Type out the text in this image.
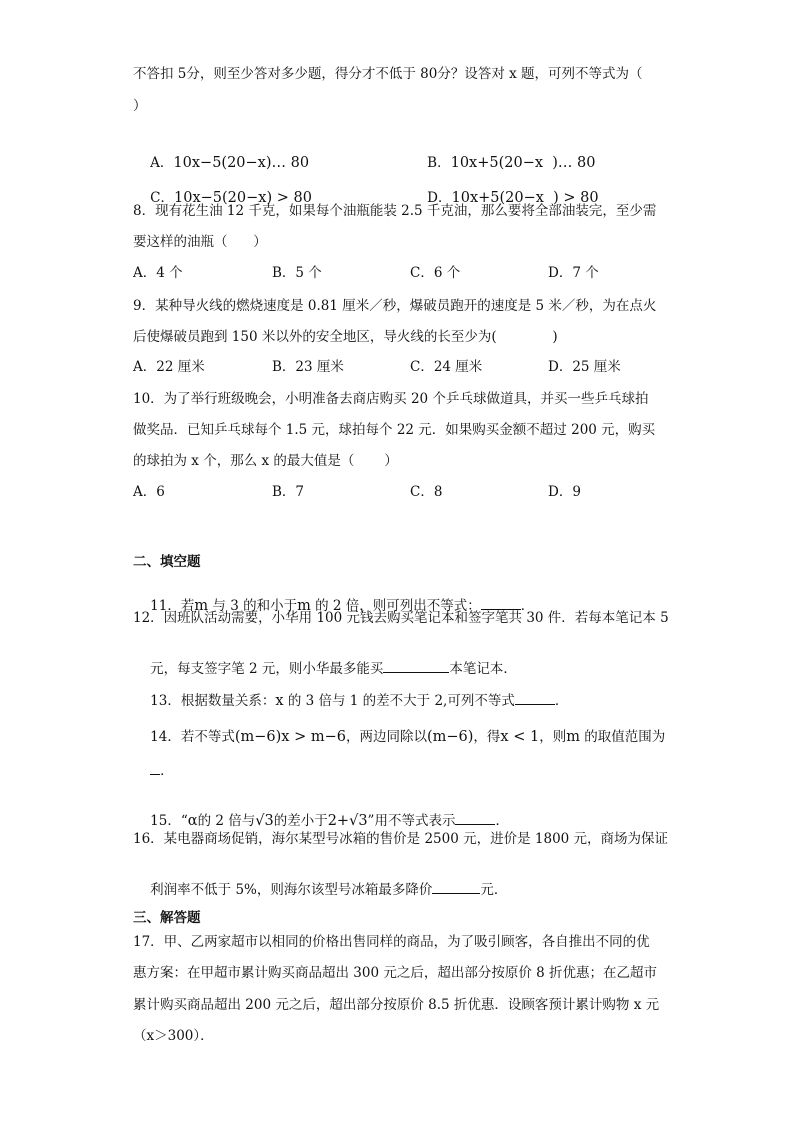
不答扣 5分，则至少答对多少题，得分才不低于 80分？设答对 x 题，可列不等式为（
）

A．10x−5(20−x)… 80
	B．10x+5(20−x  )… 80

C．10x−5(20−x) > 80
	D．10x+5(20−x  ) > 80

8．现有花生油 12 千克，如果每个油瓶能装 2.5 千克油，那么要将全部油装完，至少需
要这样的油瓶（      ）
A．4 个	B．5 个	C．6 个	D．7 个
9．某种导火线的燃烧速度是 0.81 厘米／秒，爆破员跑开的速度是 5 米／秒，为在点火
后使爆破员跑到 150 米以外的安全地区，导火线的长至少为(             )
A．22 厘米	B．23 厘米	C．24 厘米	D．25 厘米
10．为了举行班级晚会，小明准备去商店购买 20 个乒乓球做道具，并买一些乒乓球拍
做奖品．已知乒乓球每个 1.5 元，球拍每个 22 元．如果购买金额不超过 200 元，购买
的球拍为 x 个，那么 x 的最大值是（       ）
A．6	B．7	C．8	D．9
二、填空题

11．若m 与 3 的和小于m 的 2 倍，则可列出不等式：	．

12．因班队活动需要，小华用 100 元钱去购买笔记本和签字笔共 30 件．若每本笔记本 5

元，每支签字笔 2 元，则小华最多能买	本笔记本．

13．根据数量关系：x 的 3 倍与 1 的差不大于 2,可列不等式	．

14．若不等式(m−6)x > m−6，两边同除以(m−6)，得x < 1，则m 的取值范围为

．

15．“α的 2 倍与√3的差小于2+√3”用不等式表示	．

16．某电器商场促销，海尔某型号冰箱的售价是 2500 元，进价是 1800 元，商场为保证

利润率不低于 5%，则海尔该型号冰箱最多降价	元．

三、解答题
17．甲、乙两家超市以相同的价格出售同样的商品，为了吸引顾客，各自推出不同的优
惠方案：在甲超市累计购买商品超出 300 元之后，超出部分按原价 8 折优惠；在乙超市
累计购买商品超出 200 元之后，超出部分按原价 8.5 折优惠．设顾客预计累计购物 x 元
（x＞300）．
